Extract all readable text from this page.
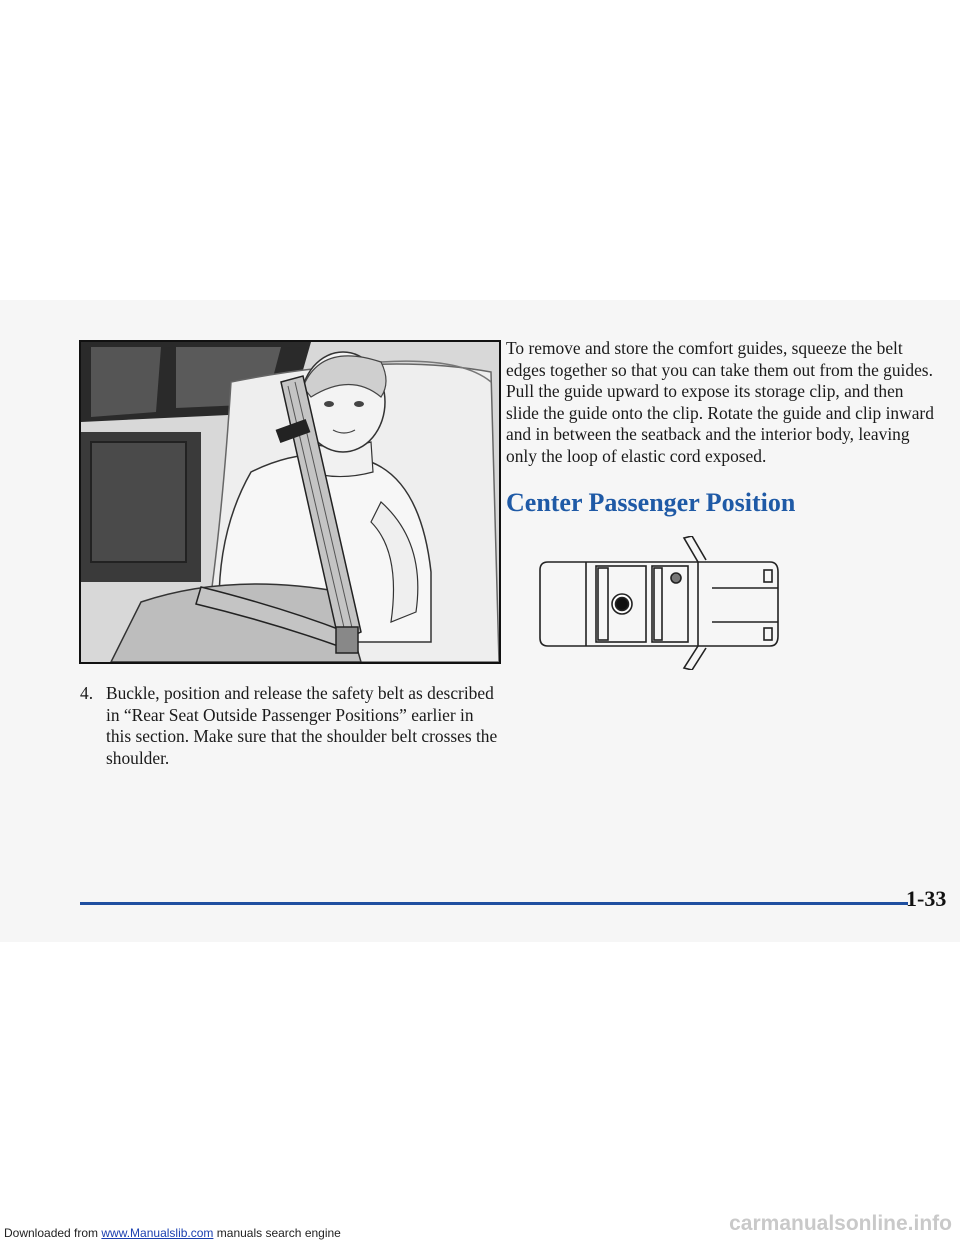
To remove and store the comfort guides, squeeze the belt edges together so that you can take them out from the guides. Pull the guide upward to expose its storage clip, and then slide the guide onto the clip. Rotate the guide and clip inward and in between the seatback and the interior body, leaving only the loop of elastic cord exposed.

Center Passenger Position
4. Buckle, position and release the safety belt as described in “Rear Seat Outside Passenger Positions” earlier in this section. Make sure that the shoulder belt crosses the shoulder.
1-33
Downloaded from www.Manualslib.com manuals search engine	carmanualsonline.info
